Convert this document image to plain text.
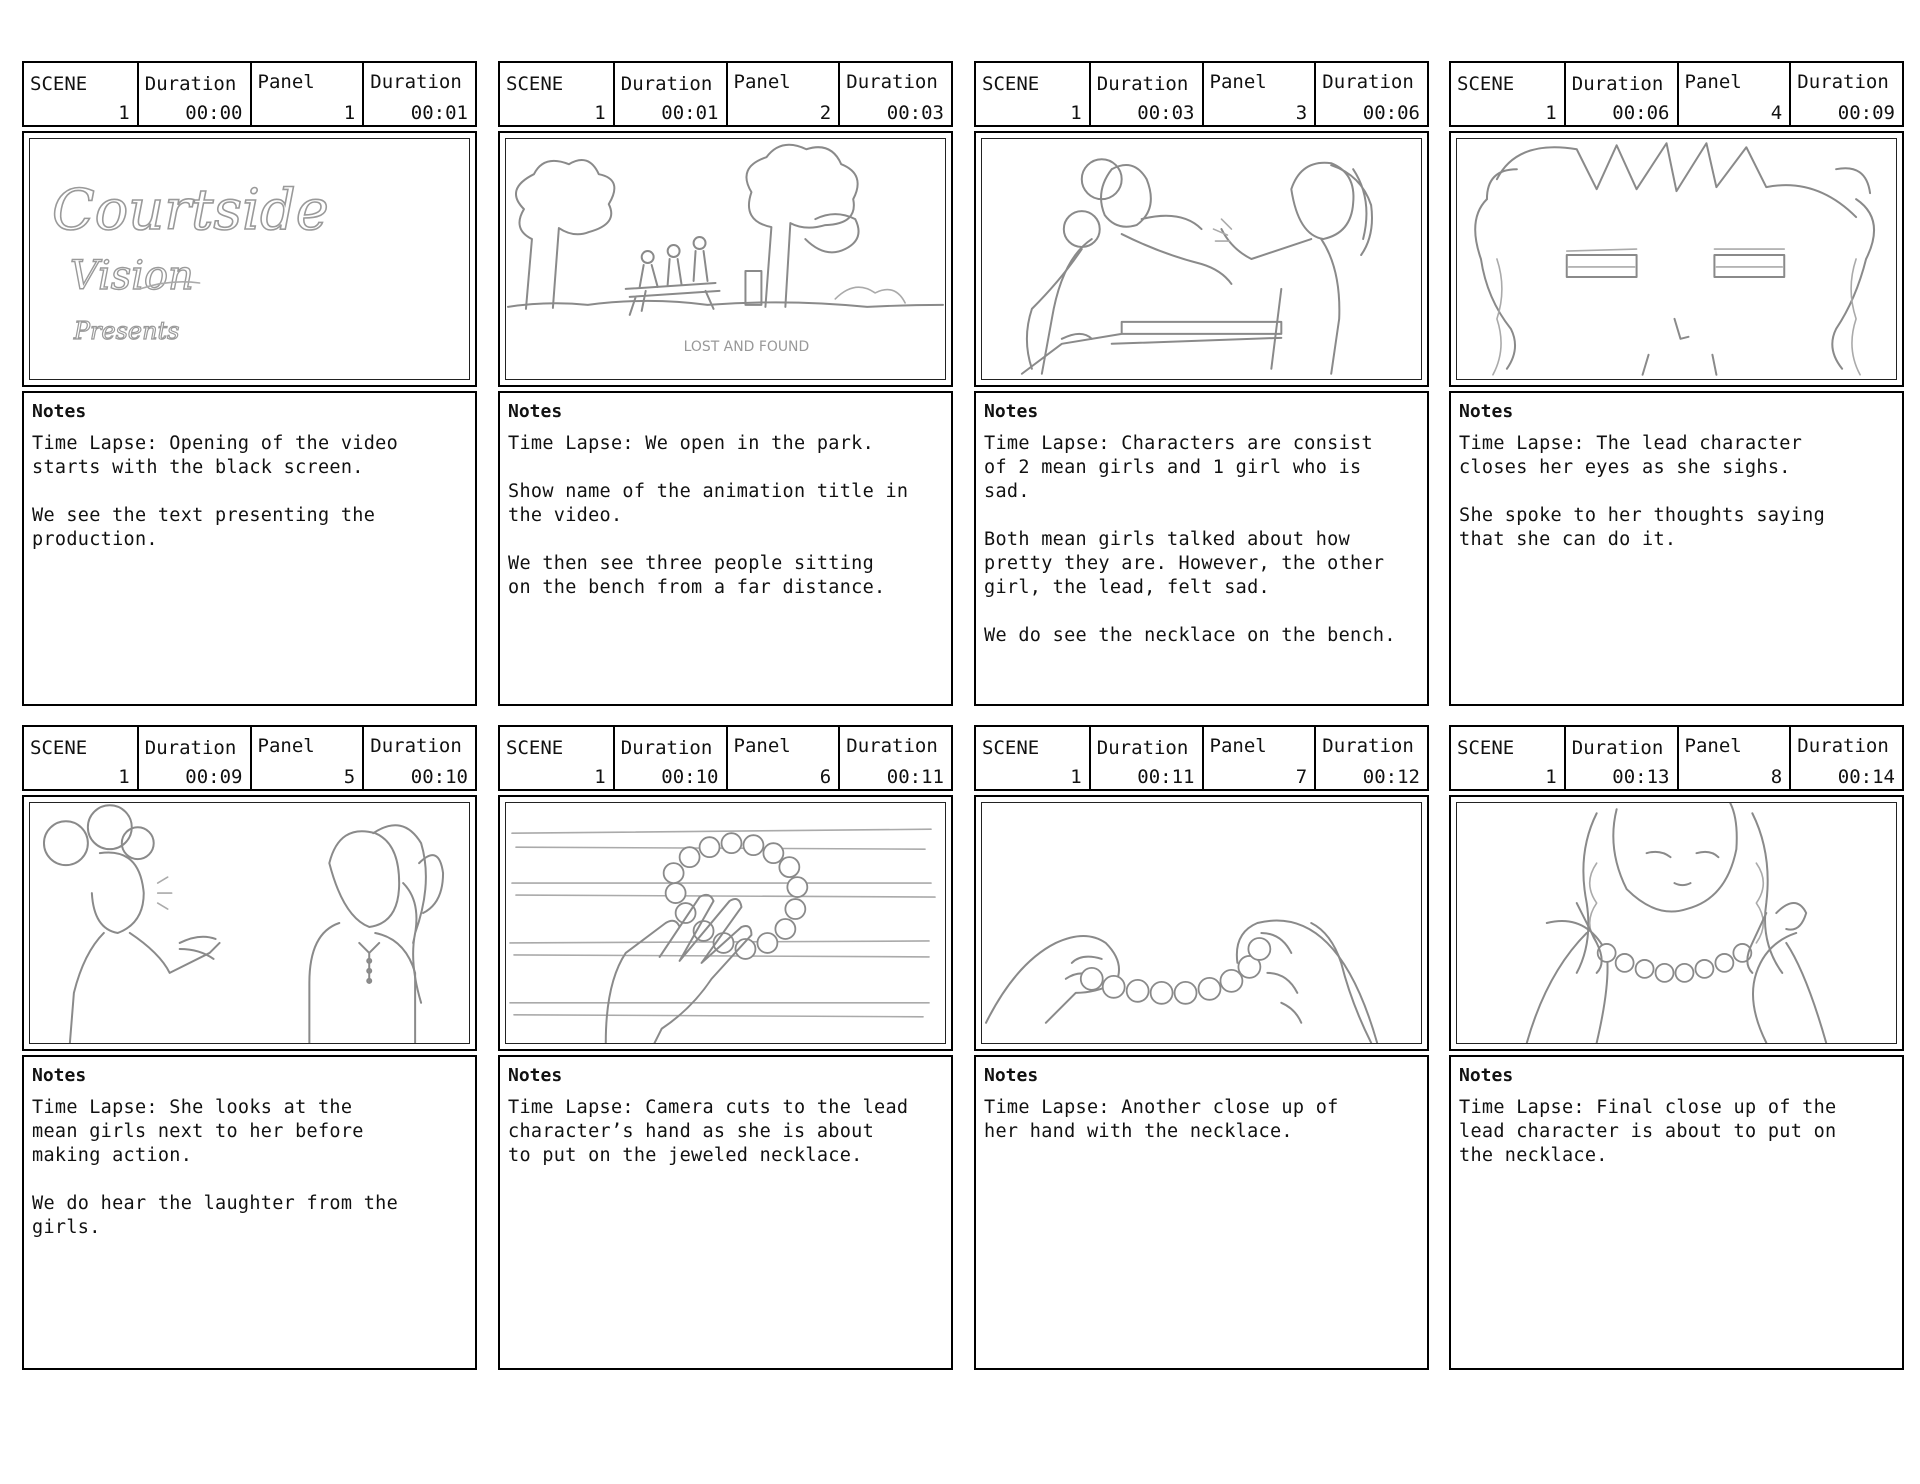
SCENE
1
Duration
00:00
Panel
1
Duration
00:01
Courtside
Vision
Presents
Notes
Time Lapse: Opening of the video
starts with the black screen.
We see the text presenting the
production.
SCENE
1
Duration
00:01
Panel
2
Duration
00:03
LOST AND FOUND
Notes
Time Lapse: We open in the park.
Show name of the animation title in
the video.
We then see three people sitting
on the bench from a far distance.
SCENE
1
Duration
00:03
Panel
3
Duration
00:06
Notes
Time Lapse: Characters are consist
of 2 mean girls and 1 girl who is
sad.
Both mean girls talked about how
pretty they are. However, the other
girl, the lead, felt sad.
We do see the necklace on the bench.
SCENE
1
Duration
00:06
Panel
4
Duration
00:09
Notes
Time Lapse: The lead character
closes her eyes as she sighs.
She spoke to her thoughts saying
that she can do it.
SCENE
1
Duration
00:09
Panel
5
Duration
00:10
Notes
Time Lapse: She looks at the
mean girls next to her before
making action.
We do hear the laughter from the
girls.
SCENE
1
Duration
00:10
Panel
6
Duration
00:11
Notes
Time Lapse: Camera cuts to the lead
character’s hand as she is about
to put on the jeweled necklace.
SCENE
1
Duration
00:11
Panel
7
Duration
00:12
Notes
Time Lapse: Another close up of
her hand with the necklace.
SCENE
1
Duration
00:13
Panel
8
Duration
00:14
Notes
Time Lapse: Final close up of the
lead character is about to put on
the necklace.
